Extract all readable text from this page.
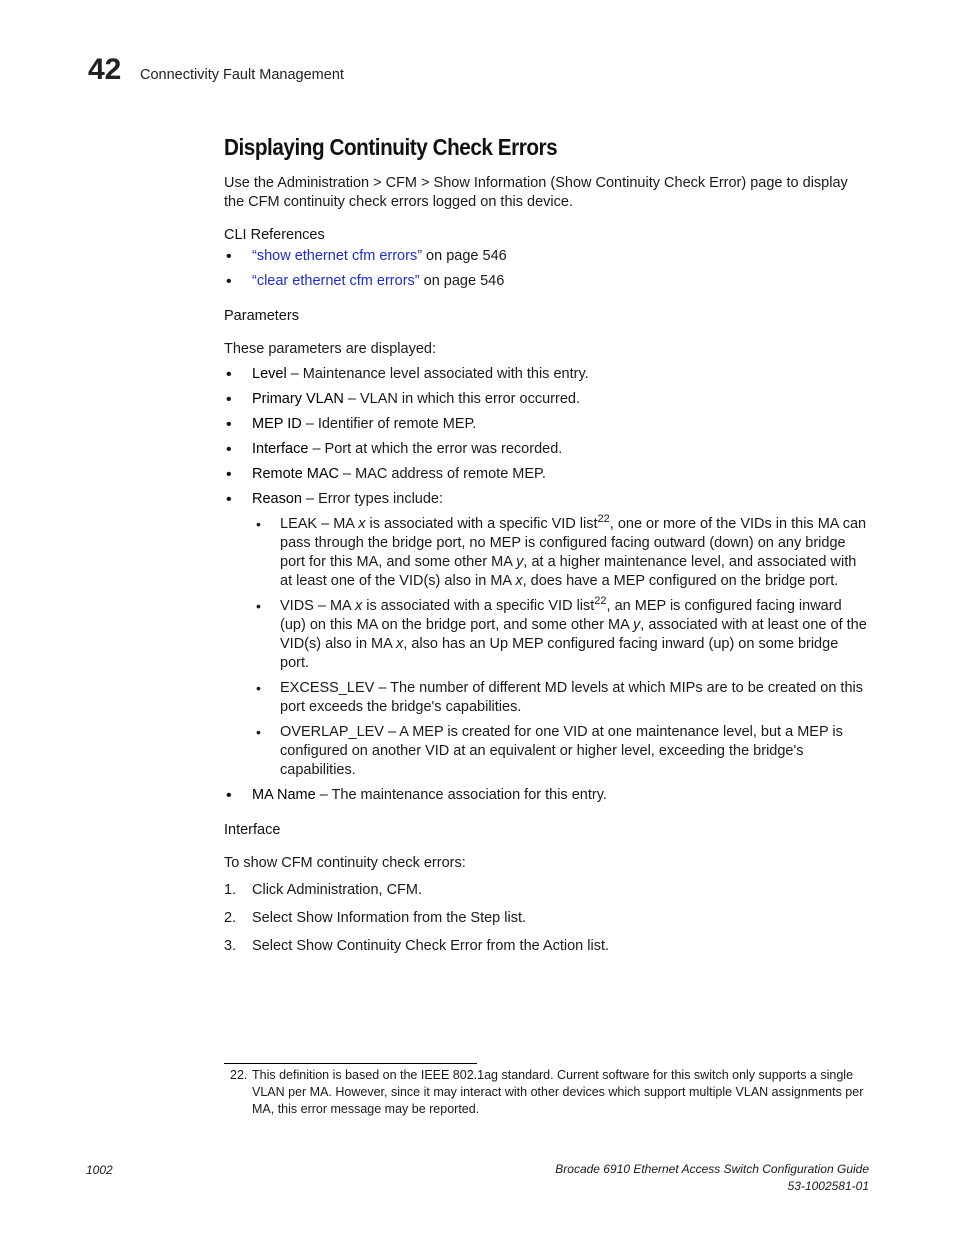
42 Connectivity Fault Management
Displaying Continuity Check Errors

Use the Administration > CFM > Show Information (Show Continuity Check Error) page to display the CFM continuity check errors logged on this device.

CLI References

• “show ethernet cfm errors” on page 546
• “clear ethernet cfm errors” on page 546

Parameters

These parameters are displayed:

• Level – Maintenance level associated with this entry.
• Primary VLAN – VLAN in which this error occurred.
• MEP ID – Identifier of remote MEP.
• Interface – Port at which the error was recorded.
• Remote MAC – MAC address of remote MEP.
• Reason – Error types include:
• LEAK – MA x is associated with a specific VID list$^{22}$, one or more of the VIDs in this MA can pass through the bridge port, no MEP is configured facing outward (down) on any bridge port for this MA, and some other MA y, at a higher maintenance level, and associated with at least one of the VID(s) also in MA x, does have a MEP configured on the bridge port.
• VIDS – MA x is associated with a specific VID list$^{22}$, an MEP is configured facing inward (up) on this MA on the bridge port, and some other MA y, associated with at least one of the VID(s) also in MA x, also has an Up MEP configured facing inward (up) on some bridge port.
• EXCESS_LEV – The number of different MD levels at which MIPs are to be created on this port exceeds the bridge's capabilities.
• OVERLAP_LEV – A MEP is created for one VID at one maintenance level, but a MEP is configured on another VID at an equivalent or higher level, exceeding the bridge's capabilities.
• MA Name – The maintenance association for this entry.

Interface

To show CFM continuity check errors:

1. Click Administration, CFM.
2. Select Show Information from the Step list.
3. Select Show Continuity Check Error from the Action list.
22. This definition is based on the IEEE 802.1ag standard. Current software for this switch only supports a single VLAN per MA. However, since it may interact with other devices which support multiple VLAN assignments per MA, this error message may be reported.
1002	Brocade 6910 Ethernet Access Switch Configuration Guide
53-1002581-01
